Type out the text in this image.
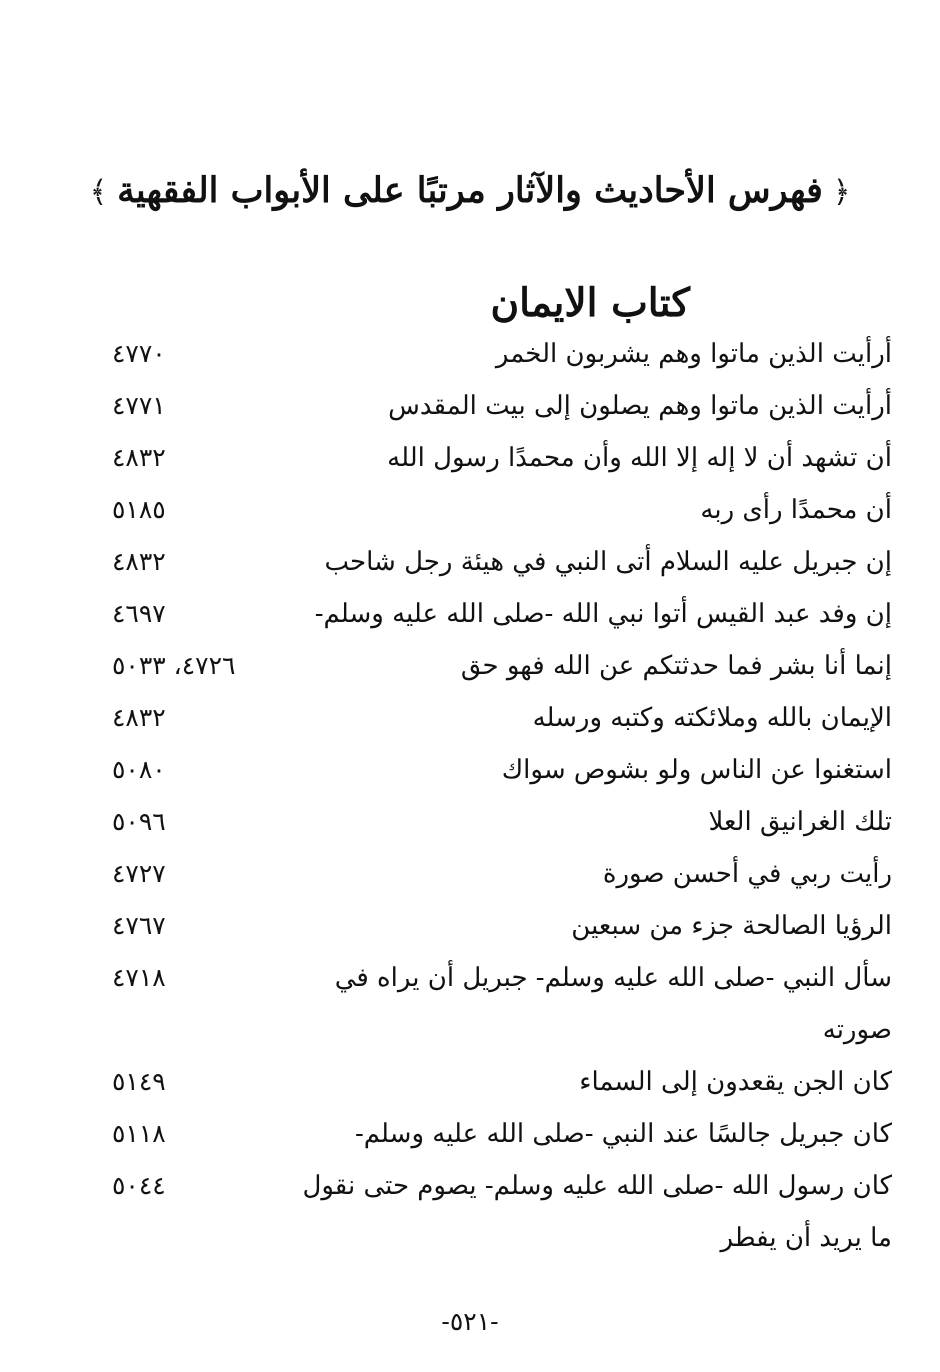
﴿فهرس الأحاديث والآثار مرتبًا على الأبواب الفقهية﴾
كتاب الايمان
أرأيت الذين ماتوا وهم يشربون الخمر
٤٧٧٠
أرأيت الذين ماتوا وهم يصلون إلى بيت المقدس
٤٧٧١
أن تشهد أن لا إله إلا الله وأن محمدًا رسول الله
٤٨٣٢
أن محمدًا رأى ربه
٥١٨٥
إن جبريل عليه السلام أتى النبي في هيئة رجل شاحب
٤٨٣٢
إن وفد عبد القيس أتوا نبي الله -صلى الله عليه وسلم-
٤٦٩٧
إنما أنا بشر فما حدثتكم عن الله فهو حق
٤٧٢٦، ٥٠٣٣
الإيمان بالله وملائكته وكتبه ورسله
٤٨٣٢
استغنوا عن الناس ولو بشوص سواك
٥٠٨٠
تلك الغرانيق العلا
٥٠٩٦
رأيت ربي في أحسن صورة
٤٧٢٧
الرؤيا الصالحة جزء من سبعين
٤٧٦٧
سأل النبي -صلى الله عليه وسلم- جبريل أن يراه في
٤٧١٨
صورته
كان الجن يقعدون إلى السماء
٥١٤٩
كان جبريل جالسًا عند النبي -صلى الله عليه وسلم-
٥١١٨
كان رسول الله -صلى الله عليه وسلم- يصوم حتى نقول
٥٠٤٤
ما يريد أن يفطر
-٥٢١-
